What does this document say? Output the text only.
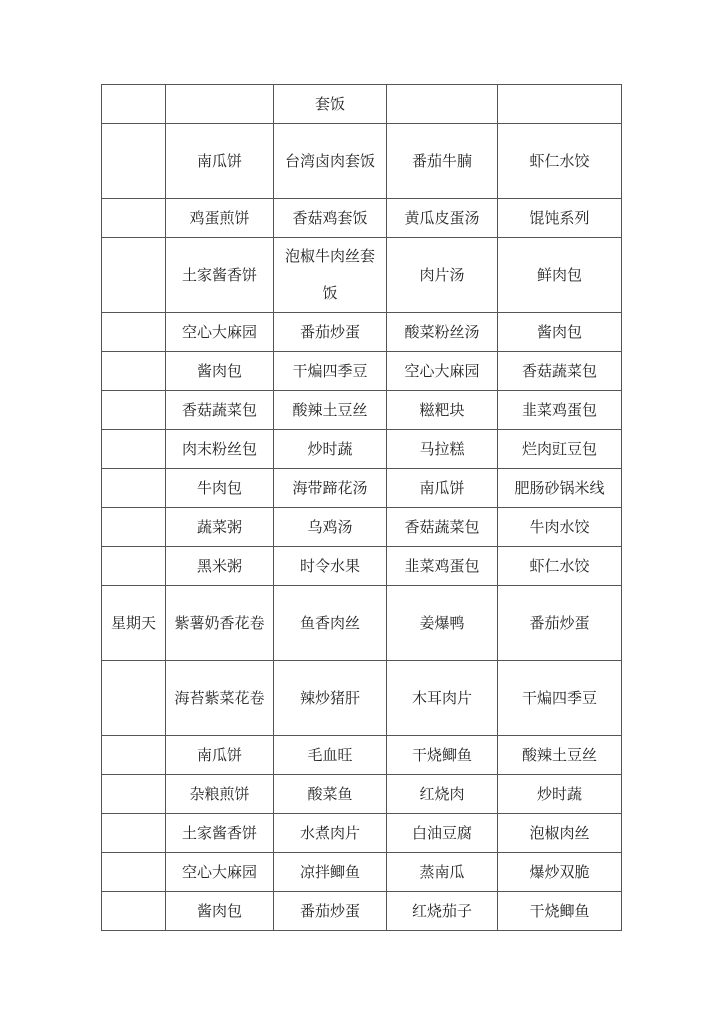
		套饭		
	南瓜饼	台湾卤肉套饭	番茄牛腩	虾仁水饺
	鸡蛋煎饼	香菇鸡套饭	黄瓜皮蛋汤	馄饨系列
	土家酱香饼	泡椒牛肉丝套饭	肉片汤	鲜肉包
	空心大麻园	番茄炒蛋	酸菜粉丝汤	酱肉包
	酱肉包	干煸四季豆	空心大麻园	香菇蔬菜包
	香菇蔬菜包	酸辣土豆丝	糍粑块	韭菜鸡蛋包
	肉末粉丝包	炒时蔬	马拉糕	烂肉豇豆包
	牛肉包	海带蹄花汤	南瓜饼	肥肠砂锅米线
	蔬菜粥	乌鸡汤	香菇蔬菜包	牛肉水饺
	黑米粥	时令水果	韭菜鸡蛋包	虾仁水饺
星期天	紫薯奶香花卷	鱼香肉丝	姜爆鸭	番茄炒蛋
	海苔紫菜花卷	辣炒猪肝	木耳肉片	干煸四季豆
	南瓜饼	毛血旺	干烧鲫鱼	酸辣土豆丝
	杂粮煎饼	酸菜鱼	红烧肉	炒时蔬
	土家酱香饼	水煮肉片	白油豆腐	泡椒肉丝
	空心大麻园	凉拌鲫鱼	蒸南瓜	爆炒双脆
	酱肉包	番茄炒蛋	红烧茄子	干烧鲫鱼
